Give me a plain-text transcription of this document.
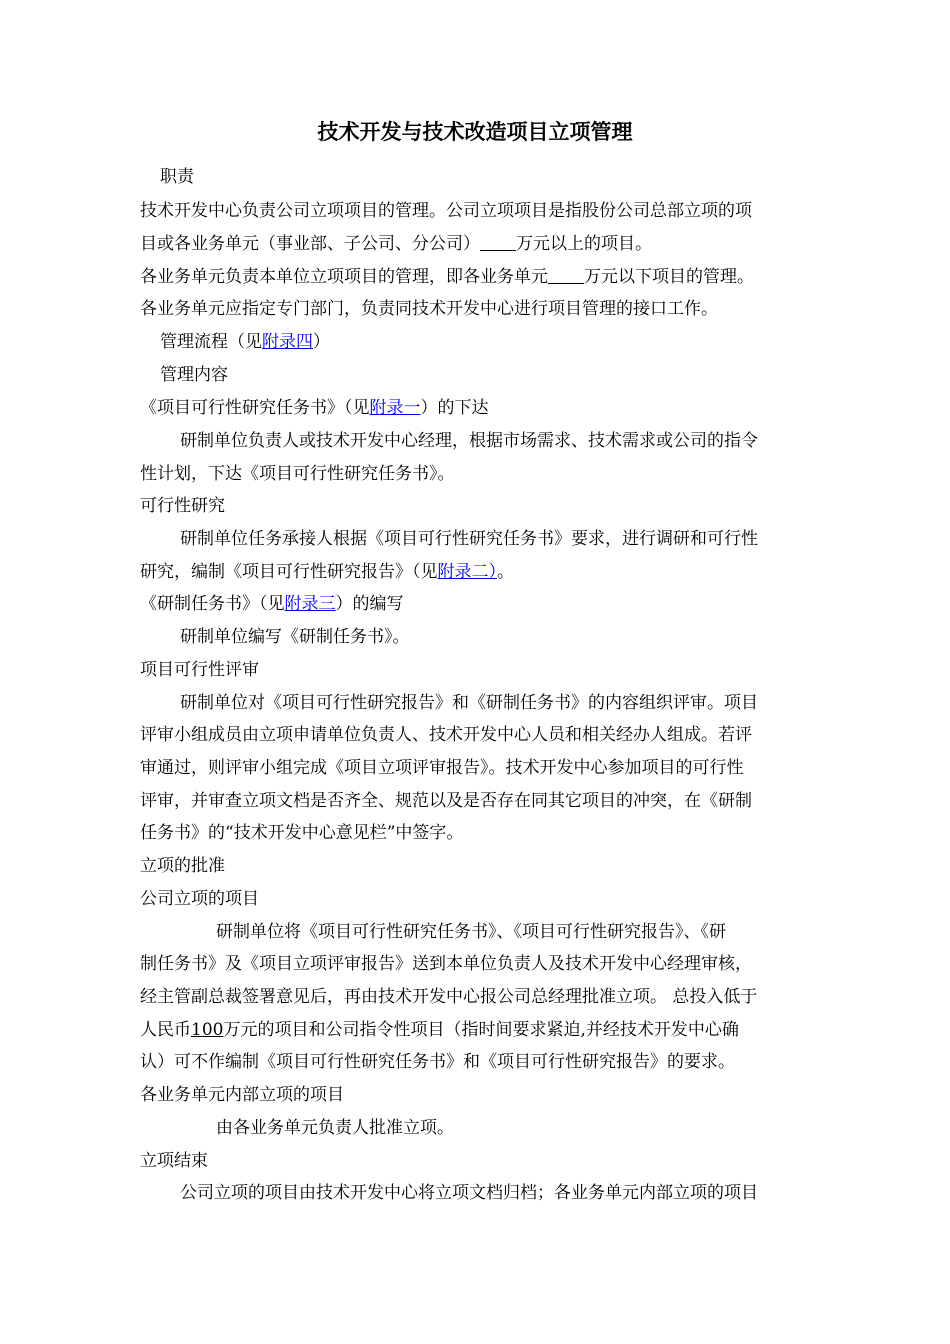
技术开发与技术改造项目立项管理

职责

技术开发中心负责公司立项项目的管理。公司立项项目是指股份公司总部立项的项

目或各业务单元（事业部、子公司、分公司） 万元以上的项目。

各业务单元负责本单位立项项目的管理，即各业务单元 万元以下项目的管理。

各业务单元应指定专门部门，负责同技术开发中心进行项目管理的接口工作。

管理流程（见附录四）

管理内容

《项目可行性研究任务书》（见附录一）的下达

研制单位负责人或技术开发中心经理，根据市场需求、技术需求或公司的指令

性计划，下达《项目可行性研究任务书》。

可行性研究

研制单位任务承接人根据《项目可行性研究任务书》要求，进行调研和可行性

研究，编制《项目可行性研究报告》（见附录二）。

《研制任务书》（见附录三）的编写

研制单位编写《研制任务书》。

项目可行性评审

研制单位对《项目可行性研究报告》和《研制任务书》的内容组织评审。项目

评审小组成员由立项申请单位负责人、技术开发中心人员和相关经办人组成。若评

审通过，则评审小组完成《项目立项评审报告》。技术开发中心参加项目的可行性

评审，并审查立项文档是否齐全、规范以及是否存在同其它项目的冲突，在《研制

任务书》的“技术开发中心意见栏”中签字。

立项的批准

公司立项的项目

研制单位将《项目可行性研究任务书》、《项目可行性研究报告》、《研

制任务书》及《项目立项评审报告》送到本单位负责人及技术开发中心经理审核，

经主管副总裁签署意见后，再由技术开发中心报公司总经理批准立项。 总投入低于

人民币100万元的项目和公司指令性项目（指时间要求紧迫,并经技术开发中心确

认）可不作编制《项目可行性研究任务书》和《项目可行性研究报告》的要求。

各业务单元内部立项的项目

由各业务单元负责人批准立项。

立项结束

公司立项的项目由技术开发中心将立项文档归档；各业务单元内部立项的项目
